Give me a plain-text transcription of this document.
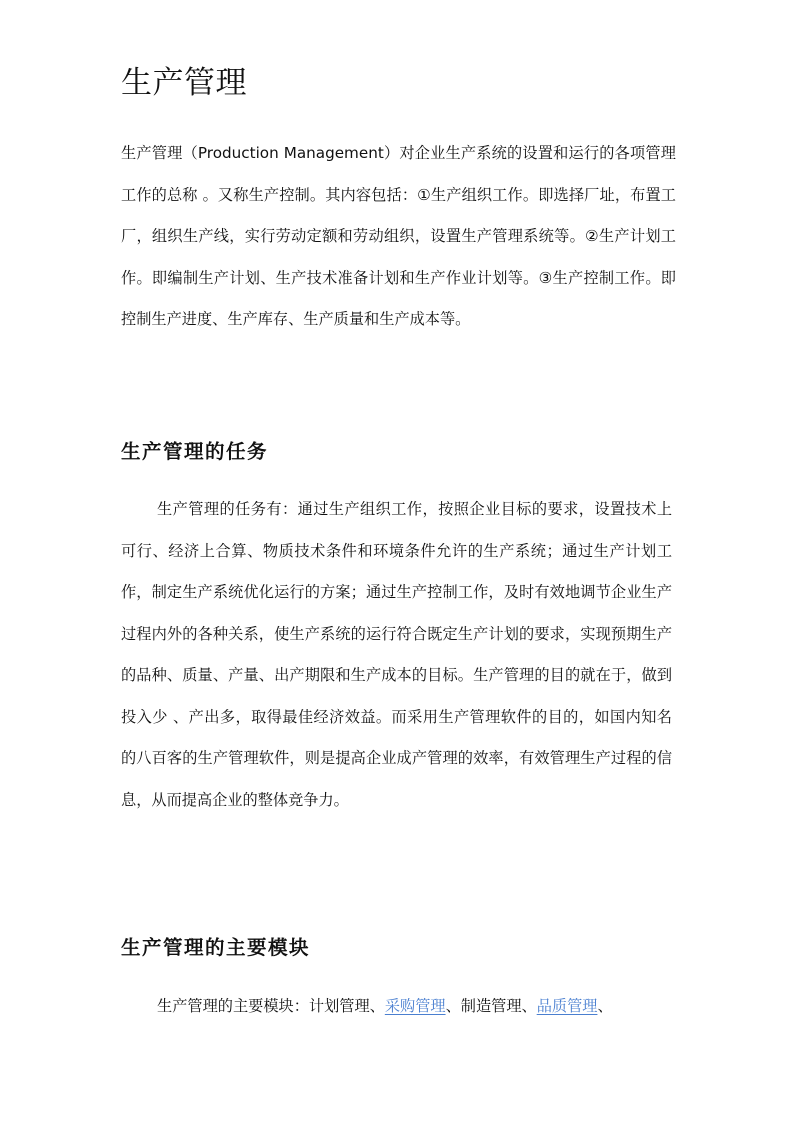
生产管理

生产管理（Production Management）对企业生产系统的设置和运行的各项管理工作的总称 。又称生产控制。其内容包括：①生产组织工作。即选择厂址，布置工厂，组织生产线，实行劳动定额和劳动组织，设置生产管理系统等。②生产计划工作。即编制生产计划、生产技术准备计划和生产作业计划等。③生产控制工作。即控制生产进度、生产库存、生产质量和生产成本等。

生产管理的任务

生产管理的任务有：通过生产组织工作，按照企业目标的要求，设置技术上可行、经济上合算、物质技术条件和环境条件允许的生产系统；通过生产计划工作，制定生产系统优化运行的方案；通过生产控制工作，及时有效地调节企业生产过程内外的各种关系，使生产系统的运行符合既定生产计划的要求，实现预期生产的品种、质量、产量、出产期限和生产成本的目标。生产管理的目的就在于，做到投入少 、产出多，取得最佳经济效益。而采用生产管理软件的目的，如国内知名的八百客的生产管理软件，则是提高企业成产管理的效率，有效管理生产过程的信息，从而提高企业的整体竞争力。

生产管理的主要模块

生产管理的主要模块：计划管理、采购管理、制造管理、品质管理、
